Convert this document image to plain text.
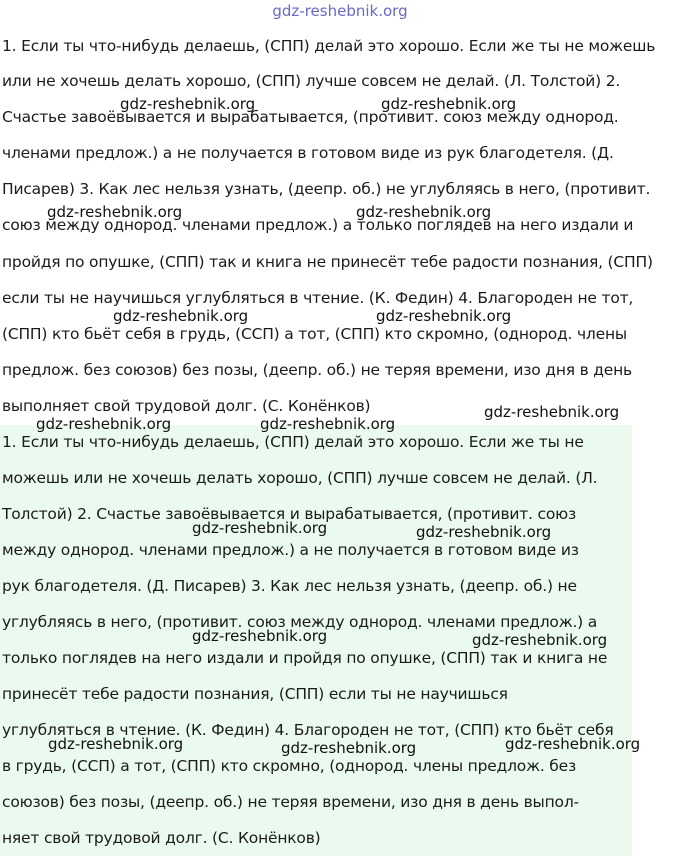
gdz-reshebnik.org
1. Если ты что-нибудь делаешь, (СПП) делай это хорошо. Если же ты не можешь
или не хочешь делать хорошо, (СПП) лучше совсем не делай. (Л. Толстой) 2.
Счастье завоёвывается и вырабатывается, (противит. союз между однород.
членами предлож.) а не получается в готовом виде из рук благодетеля. (Д.
Писарев) 3. Как лес нельзя узнать, (деепр. об.) не углубляясь в него, (противит.
союз между однород. членами предлож.) а только поглядев на него издали и
пройдя по опушке, (СПП) так и книга не принесёт тебе радости познания, (СПП)
если ты не научишься углубляться в чтение. (К. Федин) 4. Благороден не тот,
(СПП) кто бьёт себя в грудь, (ССП) а тот, (СПП) кто скромно, (однород. члены
предлож. без союзов) без позы, (деепр. об.) не теряя времени, изо дня в день
выполняет свой трудовой долг. (С. Конёнков)
1. Если ты что-нибудь делаешь, (СПП) делай это хорошо. Если же ты не
можешь или не хочешь делать хорошо, (СПП) лучше совсем не делай. (Л.
Толстой) 2. Счастье завоёвывается и вырабатывается, (противит. союз
между однород. членами предлож.) а не получается в готовом виде из
рук благодетеля. (Д. Писарев) 3. Как лес нельзя узнать, (деепр. об.) не
углубляясь в него, (противит. союз между однород. членами предлож.) а
только поглядев на него издали и пройдя по опушке, (СПП) так и книга не
принесёт тебе радости познания, (СПП) если ты не научишься
углубляться в чтение. (К. Федин) 4. Благороден не тот, (СПП) кто бьёт себя
в грудь, (ССП) а тот, (СПП) кто скромно, (однород. члены предлож. без
союзов) без позы, (деепр. об.) не теряя времени, изо дня в день выпол-
няет свой трудовой долг. (С. Конёнков)
gdz-reshebnik.org	gdz-reshebnik.org
gdz-reshebnik.org	gdz-reshebnik.org
gdz-reshebnik.org	gdz-reshebnik.org
gdz-reshebnik.org
gdz-reshebnik.org	gdz-reshebnik.org
gdz-reshebnik.org	gdz-reshebnik.org
gdz-reshebnik.org	gdz-reshebnik.org
gdz-reshebnik.org	gdz-reshebnik.org	gdz-reshebnik.org
